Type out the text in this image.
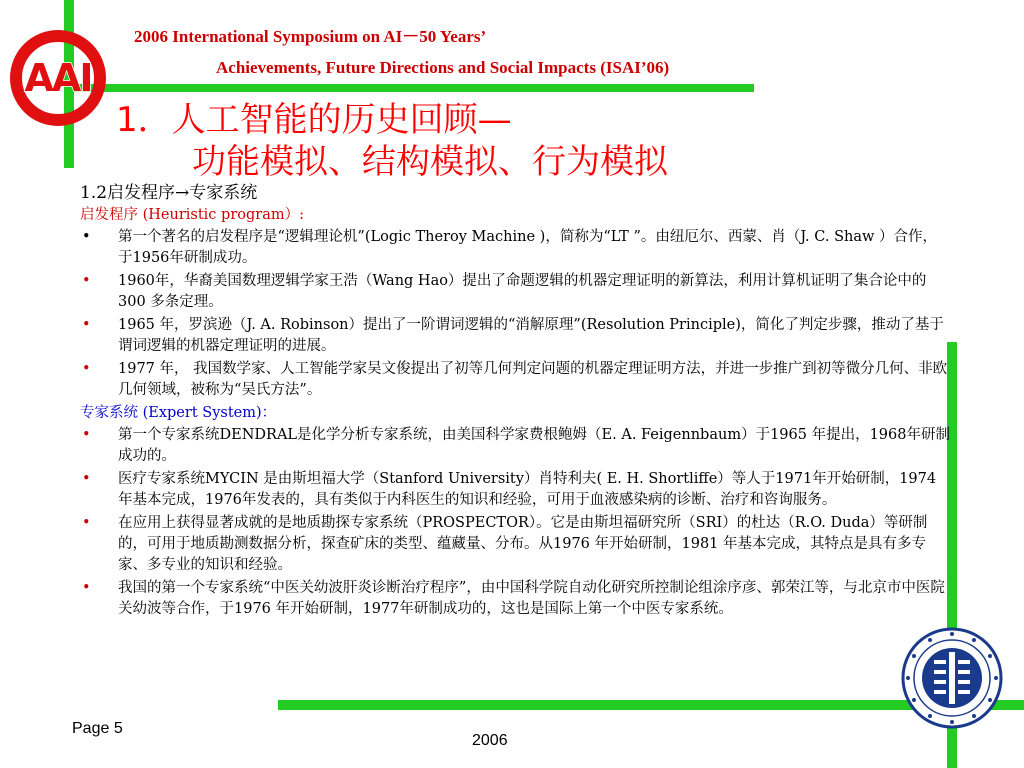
AAI
2006 International Symposium on AI－50 Years’
Achievements, Future Directions and Social Impacts (ISAI’06)
1．人工智能的历史回顾—
功能模拟、结构模拟、行为模拟
1.2启发程序→专家系统
启发程序 (Heuristic program）:
• 第一个著名的启发程序是“逻辑理论机”(Logic Theroy Machine )，简称为“LT ”。由纽厄尔、西蒙、肖（J. C. Shaw ）合作，于1956年研制成功。
• 1960年，华裔美国数理逻辑学家王浩（Wang Hao）提出了命题逻辑的机器定理证明的新算法，利用计算机证明了集合论中的300 多条定理。
• 1965 年，罗滨逊（J. A. Robinson）提出了一阶谓词逻辑的“消解原理”(Resolution Principle)，简化了判定步骤，推动了基于谓词逻辑的机器定理证明的进展。
• 1977 年， 我国数学家、人工智能学家吴文俊提出了初等几何判定问题的机器定理证明方法，并进一步推广到初等微分几何、非欧几何领域，被称为“吴氏方法”。
专家系统 (Expert System)：
• 第一个专家系统DENDRAL是化学分析专家系统，由美国科学家费根鲍姆（E. A. Feigennbaum）于1965 年提出，1968年研制成功的。
• 医疗专家系统MYCIN 是由斯坦福大学（Stanford University）肖特利夫( E. H. Shortliffe）等人于1971年开始研制，1974 年基本完成，1976年发表的，具有类似于内科医生的知识和经验，可用于血液感染病的诊断、治疗和咨询服务。
• 在应用上获得显著成就的是地质勘探专家系统（PROSPECTOR）。它是由斯坦福研究所（SRI）的杜达（R.O. Duda）等研制的，可用于地质勘测数据分析，探查矿床的类型、蕴藏量、分布。从1976 年开始研制，1981 年基本完成，其特点是具有多专家、多专业的知识和经验。
• 我国的第一个专家系统“中医关幼波肝炎诊断治疗程序”，由中国科学院自动化研究所控制论组涂序彦、郭荣江等，与北京市中医院关幼波等合作，于1976 年开始研制，1977年研制成功的，这也是国际上第一个中医专家系统。
Page 5
2006
